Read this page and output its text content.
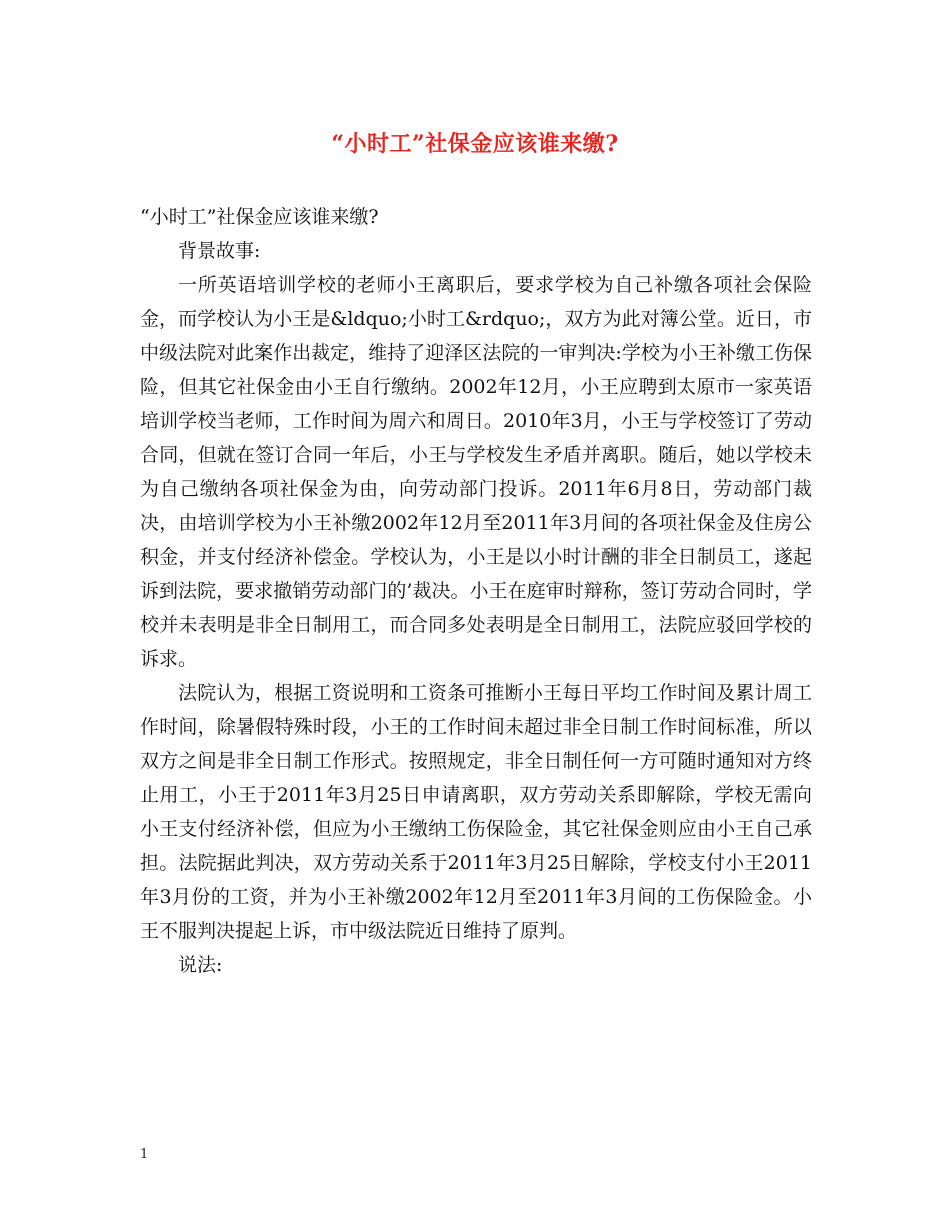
“小时工”社保金应该谁来缴?

“小时工”社保金应该谁来缴?

背景故事:

一所英语培训学校的老师小王离职后，要求学校为自己补缴各项社会保险金，而学校认为小王是&ldquo;小时工&rdquo;，双方为此对簿公堂。近日，市中级法院对此案作出裁定，维持了迎泽区法院的一审判决:学校为小王补缴工伤保险，但其它社保金由小王自行缴纳。2002年12月，小王应聘到太原市一家英语培训学校当老师，工作时间为周六和周日。2010年3月，小王与学校签订了劳动合同，但就在签订合同一年后，小王与学校发生矛盾并离职。随后，她以学校未为自己缴纳各项社保金为由，向劳动部门投诉。2011年6月8日，劳动部门裁决，由培训学校为小王补缴2002年12月至2011年3月间的各项社保金及住房公积金，并支付经济补偿金。学校认为，小王是以小时计酬的非全日制员工，遂起诉到法院，要求撤销劳动部门的’裁决。小王在庭审时辩称，签订劳动合同时，学校并未表明是非全日制用工，而合同多处表明是全日制用工，法院应驳回学校的诉求。

法院认为，根据工资说明和工资条可推断小王每日平均工作时间及累计周工作时间，除暑假特殊时段，小王的工作时间未超过非全日制工作时间标准，所以双方之间是非全日制工作形式。按照规定，非全日制任何一方可随时通知对方终止用工，小王于2011年3月25日申请离职，双方劳动关系即解除，学校无需向小王支付经济补偿，但应为小王缴纳工伤保险金，其它社保金则应由小王自己承担。法院据此判决，双方劳动关系于2011年3月25日解除，学校支付小王2011年3月份的工资，并为小王补缴2002年12月至2011年3月间的工伤保险金。小王不服判决提起上诉，市中级法院近日维持了原判。

说法:

1
